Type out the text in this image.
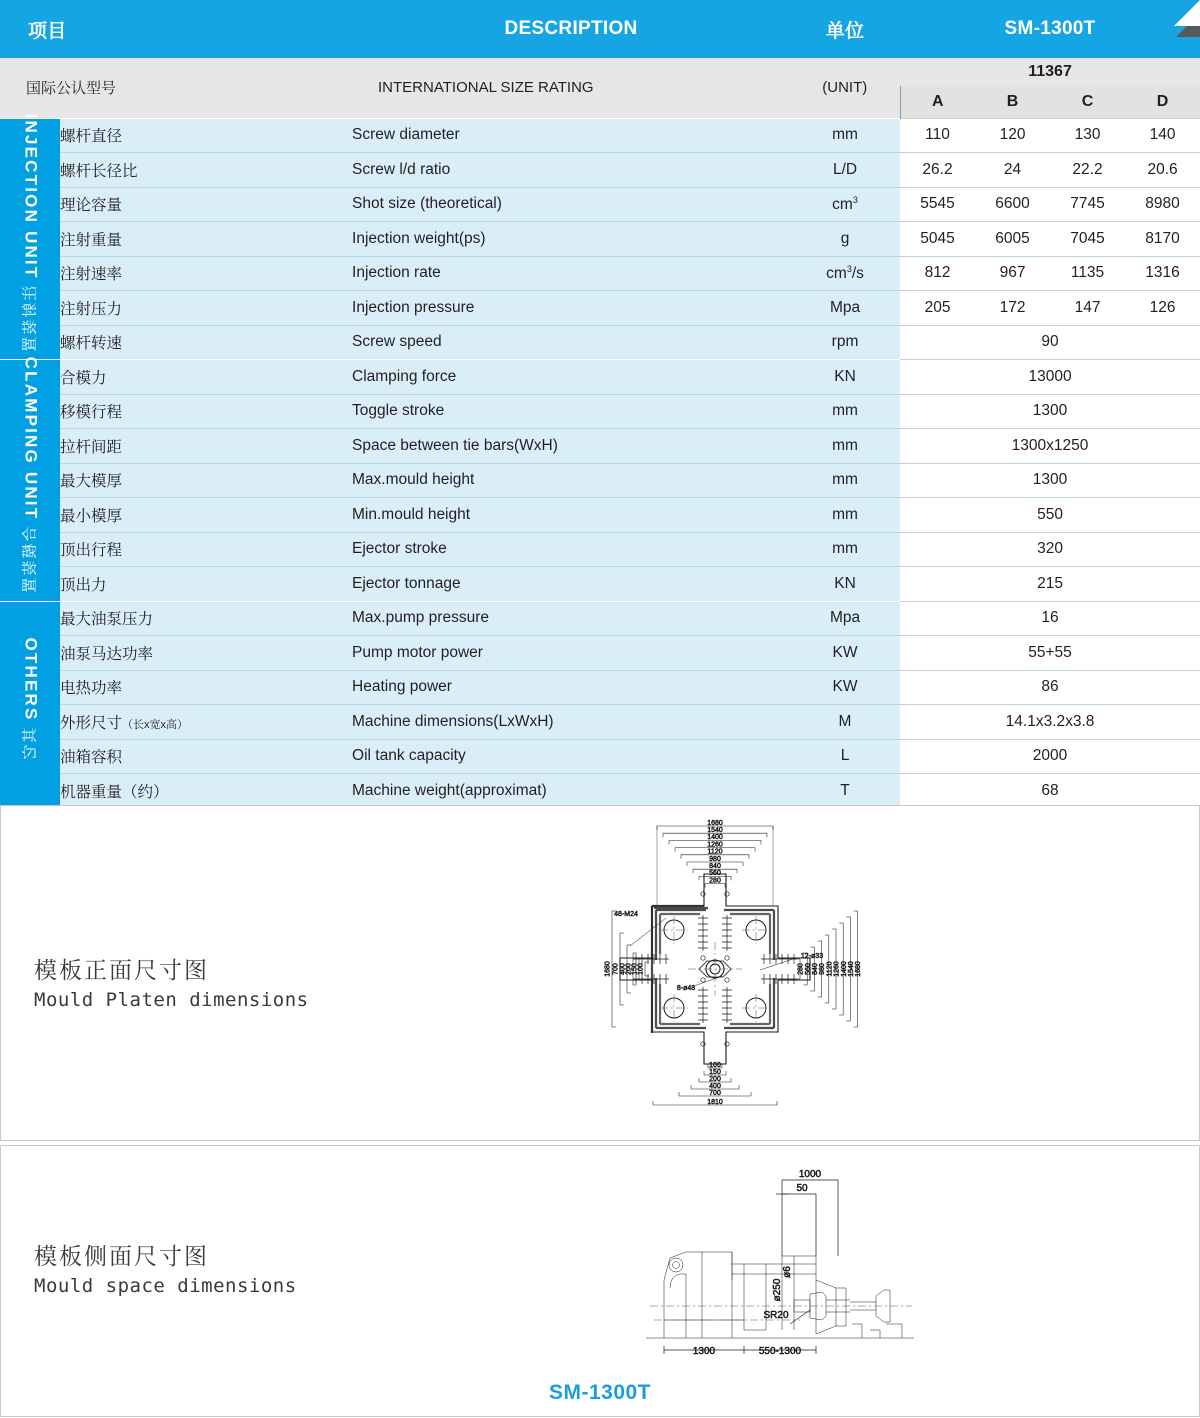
项目		DESCRIPTION	单位	SM-1300T			
国际公认型号		INTERNATIONAL SIZE RATING	(UNIT)	11367			
				A	B	C	D

INJECTION UNIT
注射装置	螺杆直径	Screw diameter	mm	110	120	130	140
	螺杆长径比	Screw l/d ratio	L/D	26.2	24	22.2	20.6
	理论容量	Shot size (theoretical)	$cm^3$	5545	6600	7745	8980
	注射重量	Injection weight(ps)	g	5045	6005	7045	8170
	注射速率	Injection rate	$cm^3/s$	812	967	1135	1316
	注射压力	Injection pressure	Mpa	205	172	147	126
	螺杆转速	Screw speed	rpm	90			

CLAMPING UNIT
合模装置	合模力	Clamping force	KN	13000			
	移模行程	Toggle stroke	mm	1300			
	拉杆间距	Space between tie bars(WxH)	mm	1300x1250			
	最大模厚	Max.mould height	mm	1300			
	最小模厚	Min.mould height	mm	550			
	顶出行程	Ejector stroke	mm	320			
	顶出力	Ejector tonnage	KN	215			

OTHERS
其它	最大油泵压力	Max.pump pressure	Mpa	16			
	油泵马达功率	Pump motor power	KW	55+55			
	电热功率	Heating power	KW	86			
	外形尺寸（长x宽x高）	Machine dimensions(LxWxH)	M	14.1x3.2x3.8			
	油箱容积	Oil tank capacity	L	2000			
	机器重量（约）	Machine weight(approximat)	T	68			
模板正面尺寸图
Mould Platen dimensions
1680
1540
1400
1260
1120
980
840
560
280
280 560 840 980 1120 1260 1400 1540 1680
1680 700 400 200 150 100
100
150
200
400
700
1810
48-M24
12-ø33
8-ø48
模板侧面尺寸图
Mould space dimensions
1000
50
ø6
ø250
SR20
1300	550-1300
SM-1300T
